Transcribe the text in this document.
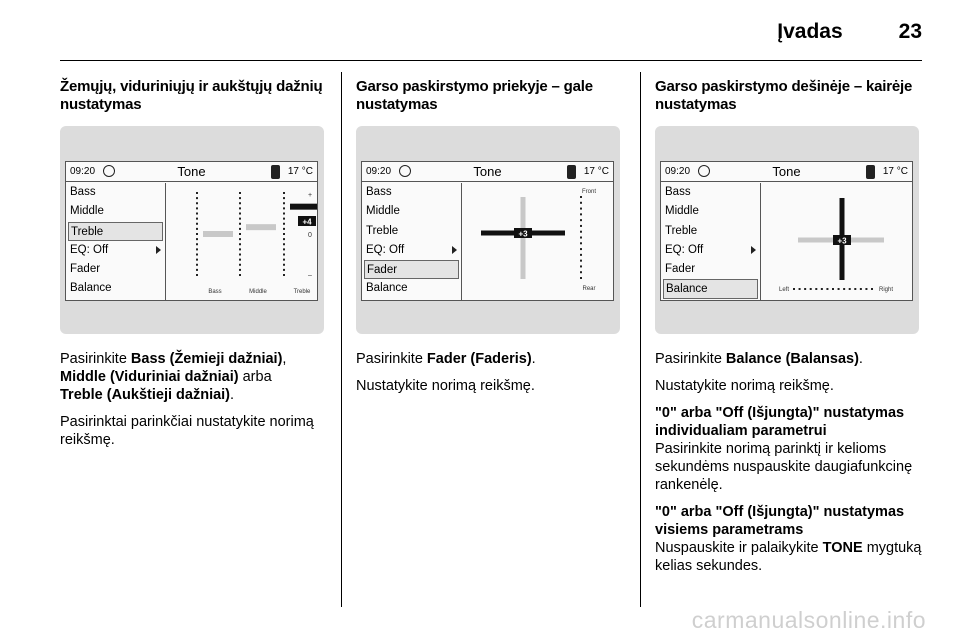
Įvadas	23
Žemųjų, viduriniųjų ir aukštųjų dažnių nustatymas
09:20	Tone	17 °C
Bass
Middle
Treble
EQ: Off
Fader
Balance	Bass	Middle	Treble
+4
+
0
–

Pasirinkite Bass (Žemieji dažniai),
Middle (Viduriniai dažniai) arba
Treble (Aukštieji dažniai).

Pasirinktai parinkčiai nustatykite norimą reikšmę.

Garso paskirstymo priekyje – gale nustatymas
09:20	Tone	17 °C
Bass
Middle
Treble
EQ: Off
Fader
Balance
+3
Front
Rear

Pasirinkite Fader (Faderis).

Nustatykite norimą reikšmę.

Garso paskirstymo dešinėje – kairėje nustatymas
09:20	Tone	17 °C
Bass
Middle
Treble
EQ: Off
Fader
Balance
+3
Left	Right

Pasirinkite Balance (Balansas).

Nustatykite norimą reikšmę.

"0" arba "Off (Išjungta)" nustatymas individualiam parametrui

Pasirinkite norimą parinktį ir kelioms sekundėms nuspauskite daugiafunkcinę rankenėlę.

"0" arba "Off (Išjungta)" nustatymas visiems parametrams

Nuspauskite ir palaikykite TONE mygtuką kelias sekundes.

carmanualsonline.info
